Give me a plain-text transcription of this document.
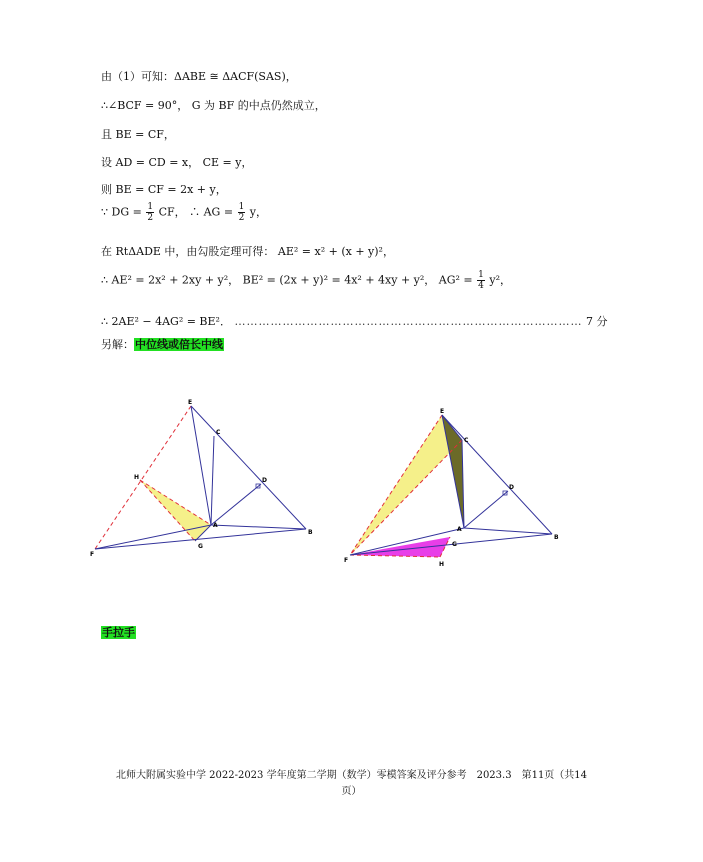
由（1）可知：ΔABE ≅ ΔACF(SAS)，
∴∠BCF = 90°， G 为 BF 的中点仍然成立，
且 BE = CF，
设 AD = CD = x， CE = y，
则 BE = CF = 2x + y，
∵ DG = $\frac{1}{2}$ CF， ∴ AG = $\frac{1}{2}$ y，
在 RtΔADE 中，由勾股定理可得： AE² = x² + (x + y)²，
∴ AE² = 2x² + 2xy + y²， BE² = (2x + y)² = 4x² + 4xy + y²， $AG^2 = \frac{1}{4} y^2$，
∴ 2AE² − 4AG² = BE²． …………………………………………………………………………… 7 分
另解：中位线或倍长中线
E
C
D
H
A
B
G
F
E
C
D
A
B
G
F
H
手拉手
北师大附属实验中学 2022-2023 学年度第二学期（数学）零模答案及评分参考　2023.3　第11页（共14
页）
